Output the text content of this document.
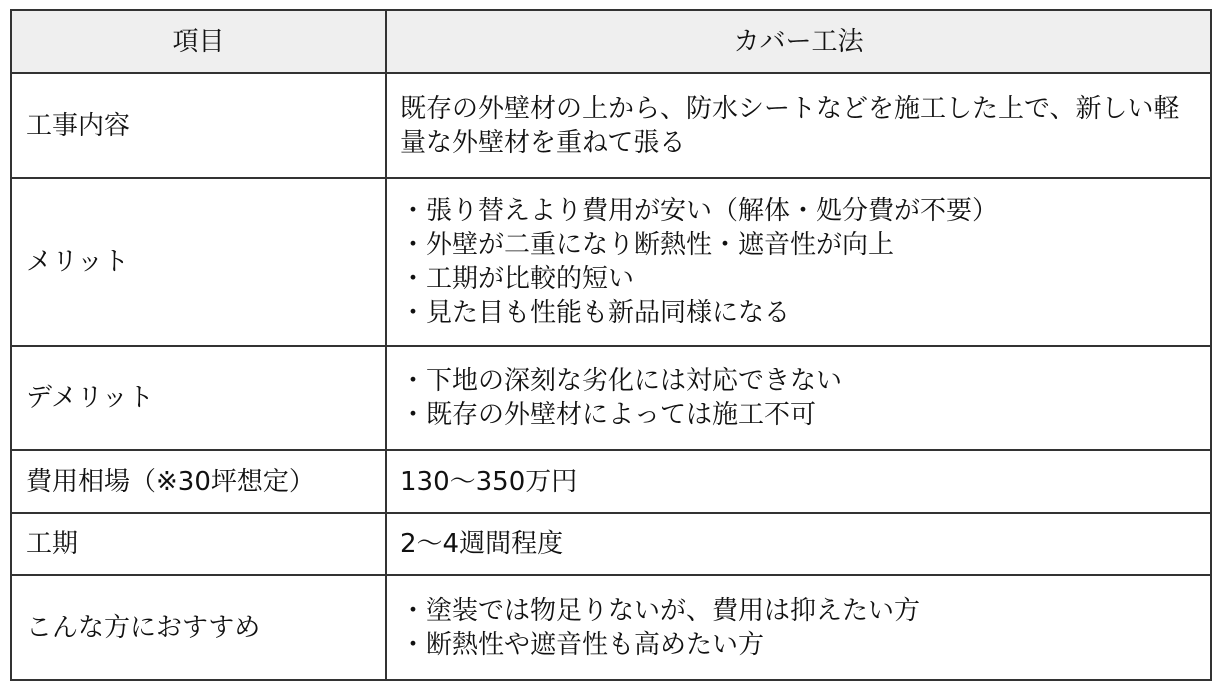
項目	カバー工法
工事内容	既存の外壁材の上から、防水シートなどを施工した上で、新しい軽量な外壁材を重ねて張る

メリット	・張り替えより費用が安い（解体・処分費が不要）
・外壁が二重になり断熱性・遮音性が向上
・工期が比較的短い
・見た目も性能も新品同様になる

デメリット	・下地の深刻な劣化には対応できない
・既存の外壁材によっては施工不可

費用相場（※30坪想定）	130〜350万円

工期	2〜4週間程度

こんな方におすすめ	・塗装では物足りないが、費用は抑えたい方
・断熱性や遮音性も高めたい方
